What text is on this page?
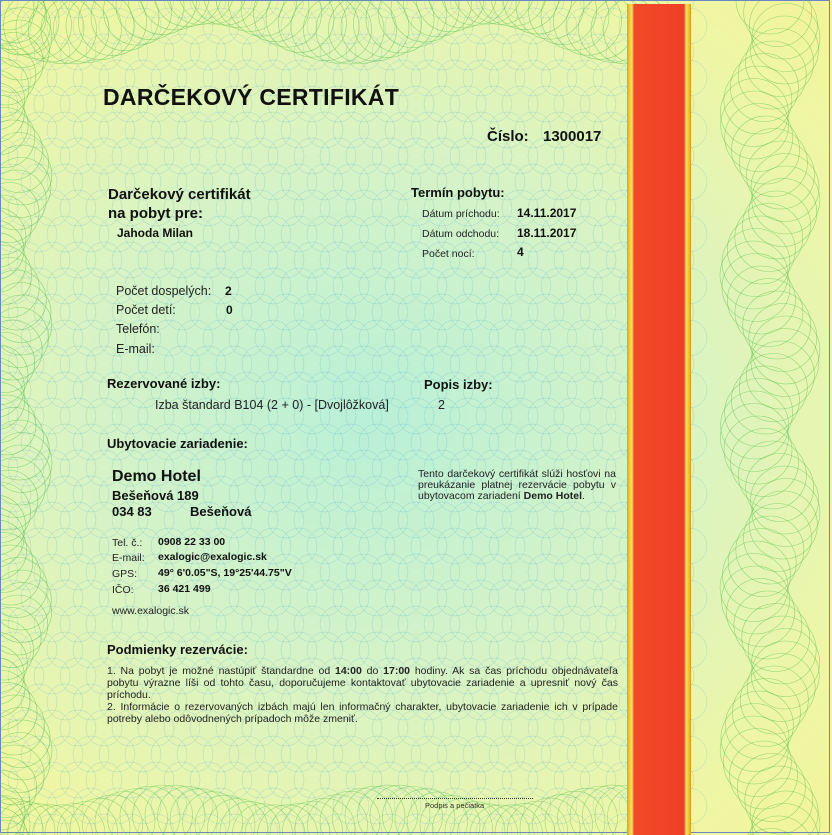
DARČEKOVÝ CERTIFIKÁT
Číslo: 1300017
Darčekový certifikát
na pobyt pre:
Jahoda Milan
Termín pobytu:
Dátum príchodu: 14.11.2017
Dátum odchodu: 18.11.2017
Počet nocí:	4
Počet dospelých: 2
Počet detí:	0
Telefón:
E-mail:
Rezervované izby:	Popis izby:
Izba štandard B104 (2 + 0) - [Dvojlôžková]	2
Ubytovacie zariadenie:
Demo Hotel
Bešeňová 189
034 83	Bešeňová
Tel. č.: 0908 22 33 00
E-mail: exalogic@exalogic.sk
GPS: 49° 6'0.05"S, 19°25'44.75"V
IČO: 36 421 499
www.exalogic.sk
Tento darčekový certifikát slúži hosťovi na preukázanie platnej rezervácie pobytu v ubytovacom zariadení Demo Hotel.
Podmienky rezervácie:
1. Na pobyt je možné nastúpiť štandardne od 14:00 do 17:00 hodiny. Ak sa čas príchodu objednávateľa pobytu výrazne líši od tohto času, doporučujeme kontaktovať ubytovacie zariadenie a upresniť nový čas príchodu.
2. Informácie o rezervovaných izbách majú len informačný charakter, ubytovacie zariadenie ich v prípade potreby alebo odôvodnených prípadoch môže zmeniť.
Podpis a pečiatka
